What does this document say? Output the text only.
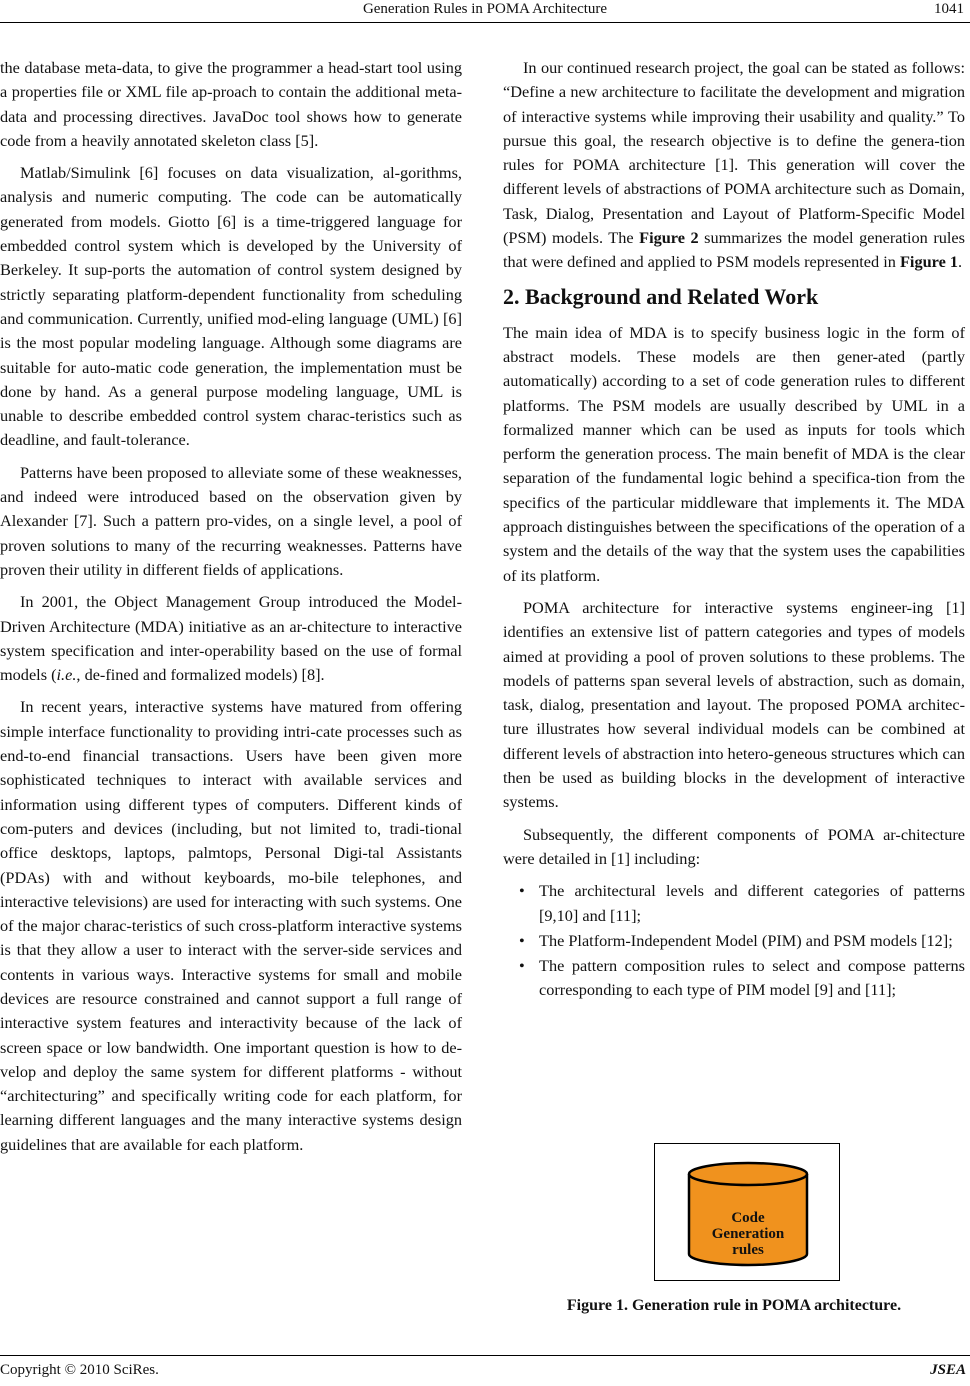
Generation Rules in POMA Architecture	1041

the database meta-data, to give the programmer a head-start tool using a properties file or XML file ap-proach to contain the additional meta-data and processing directives. JavaDoc tool shows how to generate code from a heavily annotated skeleton class [5].

Matlab/Simulink [6] focuses on data visualization, al-gorithms, analysis and numeric computing. The code can be automatically generated from models. Giotto [6] is a time-triggered language for embedded control system which is developed by the University of Berkeley. It sup-ports the automation of control system designed by strictly separating platform-dependent functionality from scheduling and communication. Currently, unified mod-eling language (UML) [6] is the most popular modeling language. Although some diagrams are suitable for auto-matic code generation, the implementation must be done by hand. As a general purpose modeling language, UML is unable to describe embedded control system charac-teristics such as deadline, and fault-tolerance.

Patterns have been proposed to alleviate some of these weaknesses, and indeed were introduced based on the observation given by Alexander [7]. Such a pattern pro-vides, on a single level, a pool of proven solutions to many of the recurring weaknesses. Patterns have proven their utility in different fields of applications.

In 2001, the Object Management Group introduced the Model-Driven Architecture (MDA) initiative as an ar-chitecture to interactive system specification and inter-operability based on the use of formal models (i.e., de-fined and formalized models) [8].

In recent years, interactive systems have matured from offering simple interface functionality to providing intri-cate processes such as end-to-end financial transactions. Users have been given more sophisticated techniques to interact with available services and information using different types of computers. Different kinds of com-puters and devices (including, but not limited to, tradi-tional office desktops, laptops, palmtops, Personal Digi-tal Assistants (PDAs) with and without keyboards, mo-bile telephones, and interactive televisions) are used for interacting with such systems. One of the major charac-teristics of such cross-platform interactive systems is that they allow a user to interact with the server-side services and contents in various ways. Interactive systems for small and mobile devices are resource constrained and cannot support a full range of interactive system features and interactivity because of the lack of screen space or low bandwidth. One important question is how to de-velop and deploy the same system for different platforms - without “architecturing” and specifically writing code for each platform, for learning different languages and the many interactive systems design guidelines that are available for each platform.

In our continued research project, the goal can be stated as follows: “Define a new architecture to facilitate the development and migration of interactive systems while improving their usability and quality.” To pursue this goal, the research objective is to define the genera-tion rules for POMA architecture [1]. This generation will cover the different levels of abstractions of POMA architecture such as Domain, Task, Dialog, Presentation and Layout of Platform-Specific Model (PSM) models. The Figure 2 summarizes the model generation rules that were defined and applied to PSM models represented in Figure 1.

2. Background and Related Work

The main idea of MDA is to specify business logic in the form of abstract models. These models are then gener-ated (partly automatically) according to a set of code generation rules to different platforms. The PSM models are usually described by UML in a formalized manner which can be used as inputs for tools which perform the generation process. The main benefit of MDA is the clear separation of the fundamental logic behind a specifica-tion from the specifics of the particular middleware that implements it. The MDA approach distinguishes between the specifications of the operation of a system and the details of the way that the system uses the capabilities of its platform.

POMA architecture for interactive systems engineer-ing [1] identifies an extensive list of pattern categories and types of models aimed at providing a pool of proven solutions to these problems. The models of patterns span several levels of abstraction, such as domain, task, dialog, presentation and layout. The proposed POMA architec-ture illustrates how several individual models can be combined at different levels of abstraction into hetero-geneous structures which can then be used as building blocks in the development of interactive systems.

Subsequently, the different components of POMA ar-chitecture were detailed in [1] including:

• The architectural levels and different categories of patterns [9,10] and [11];
• The Platform-Independent Model (PIM) and PSM models [12];
• The pattern composition rules to select and compose patterns corresponding to each type of PIM model [9] and [11];
Code
Generation
rules
Figure 1. Generation rule in POMA architecture.
Copyright © 2010 SciRes.	JSEA
